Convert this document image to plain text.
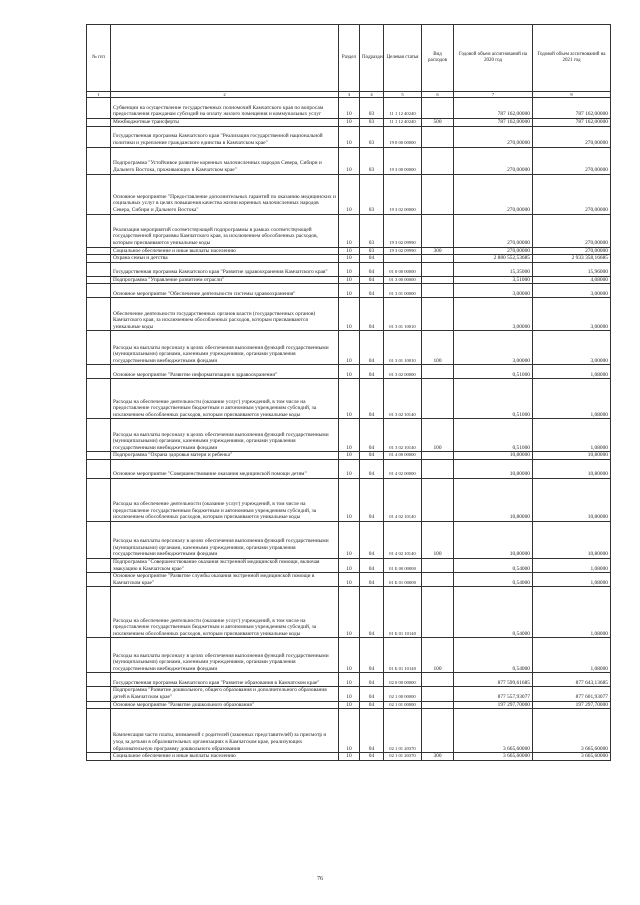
№ п/п		Раздел	Подраздел	Целевая статья	Вид расходов	Годовой объем ассигнований на 2020 год	Годовой объем ассигнований на 2021 год
1	2	3	4	5	6	7	8
	Субвенции на осуществление государственных полномочий Камчатского края по вопросам предоставления гражданам субсидий на оплату жилого помещения и коммунальных услуг	10	03	11 1 12 40240		787 162,00000	787 162,00000
	Межбюджетные трансферты	10	03	11 1 12 40240	500	787 162,00000	787 162,00000
	Государственная программа Камчатского края "Реализация государственной национальной политики и укрепление гражданского единства в Камчатском крае"	10	03	19 0 00 00000		270,00000	270,00000
	Подпрограмма "Устойчивое развитие коренных малочисленных народов Севера, Сибири и Дальнего Востока, проживающих в Камчатском крае"	10	03	19 3 00 00000		270,00000	270,00000
	Основное мероприятие "Предоставление дополнительных гарантий по оказанию медицинских и социальных услуг в целях повышения качества жизни коренных малочисленных народов Севера, Сибири и Дальнего Востока"	10	03	19 3 02 00000		270,00000	270,00000
	Реализация мероприятий соответствующей подпрограммы в рамках соответствующей государственной программы Камчатского края, за исключением обособленных расходов, которым присваиваются уникальные коды	10	03	19 3 02 09990		270,00000	270,00000
	Социальное обеспечение и иные выплаты населению	10	03	19 3 02 09990	300	270,00000	270,00000
	Охрана семьи и детства	10	04			2 880 552,53685	2 933 358,16685
	Государственная программа Камчатского края "Развитие здравоохранения Камчатского края"	10	04	01 0 00 00000		15,35000	15,96000
	Подпрограмма "Управление развитием отрасли"	10	04	01 3 00 00000		3,51000	4,08000
	Основное мероприятие "Обеспечение деятельности системы здравоохранения"	10	04	01 3 01 00000		3,00000	3,00000
	Обеспечение деятельности государственных органов власти (государственных органов) Камчатского края, за исключением обособленных расходов, которым присваиваются уникальные коды	10	04	01 3 01 10010		3,00000	3,00000
	Расходы на выплаты персоналу в целях обеспечения выполнения функций государственными (муниципальными) органами, казенными учреждениями, органами управления государственными внебюджетными фондами	10	04	01 3 01 10010	100	3,00000	3,00000
	Основное мероприятие "Развитие информатизации в здравоохранении"	10	04	01 3 02 00000		0,51000	1,08000
	Расходы на обеспечение деятельности (оказание услуг) учреждений, в том числе на предоставление государственным бюджетным и автономным учреждениям субсидий, за исключением обособленных расходов, которым присваиваются уникальные коды	10	04	01 3 02 10140		0,51000	1,08000
	Расходы на выплаты персоналу в целях обеспечения выполнения функций государственными (муниципальными) органами, казенными учреждениями, органами управления государственными внебюджетными фондами	10	04	01 3 02 10140	100	0,51000	1,08000
	Подпрограмма "Охрана здоровья матери и ребенка"	10	04	01 4 00 00000		10,80000	10,80000
	Основное мероприятие "Совершенствование оказания медицинской помощи детям"	10	04	01 4 02 00000		10,80000	10,80000
	Расходы на обеспечение деятельности (оказание услуг) учреждений, в том числе на предоставление государственным бюджетным и автономным учреждениям субсидий, за исключением обособленных расходов, которым присваиваются уникальные коды	10	04	01 4 02 10140		10,80000	10,80000
	Расходы на выплаты персоналу в целях обеспечения выполнения функций государственными (муниципальными) органами, казенными учреждениями, органами управления государственными внебюджетными фондами	10	04	01 4 02 10140	100	10,80000	10,80000
	Подпрограмма "Совершенствование оказания экстренной медицинской помощи, включая эвакуацию в Камчатском крае"	10	04	01 Б 00 00000		0,54000	1,08000
	Основное мероприятие "Развитие службы оказания экстренной медицинской помощи в Камчатском крае"	10	04	01 Б 01 00000		0,54000	1,08000
	Расходы на обеспечение деятельности (оказание услуг) учреждений, в том числе на предоставление государственным бюджетным и автономным учреждениям субсидий, за исключением обособленных расходов, которым присваиваются уникальные коды	10	04	01 Б 01 10140		0,54000	1,08000
	Расходы на выплаты персоналу в целях обеспечения выполнения функций государственными (муниципальными) органами, казенными учреждениями, органами управления государственными внебюджетными фондами	10	04	01 Б 01 10140	100	0,54000	1,08000
	Государственная программа Камчатского края "Развитие образования в Камчатском крае"	10	04	02 0 00 00000		877 599,61685	877 643,13685
	Подпрограмма "Развитие дошкольного, общего образования и дополнительного образования детей в Камчатском крае"	10	04	02 1 00 00000		877 557,93077	877 601,93077
	Основное мероприятие "Развитие дошкольного образования"	10	04	02 1 01 00000		197 297,70000	197 297,70000
	Компенсация части платы, взимаемой с родителей (законных представителей) за присмотр и уход за детьми в образовательных организациях в Камчатском крае, реализующих образовательную программу дошкольного образования	10	04	02 1 01 20370		3 665,60000	3 665,60000
	Социальное обеспечение и иные выплаты населению	10	04	02 1 01 20370	300	3 665,60000	3 665,60000
76
